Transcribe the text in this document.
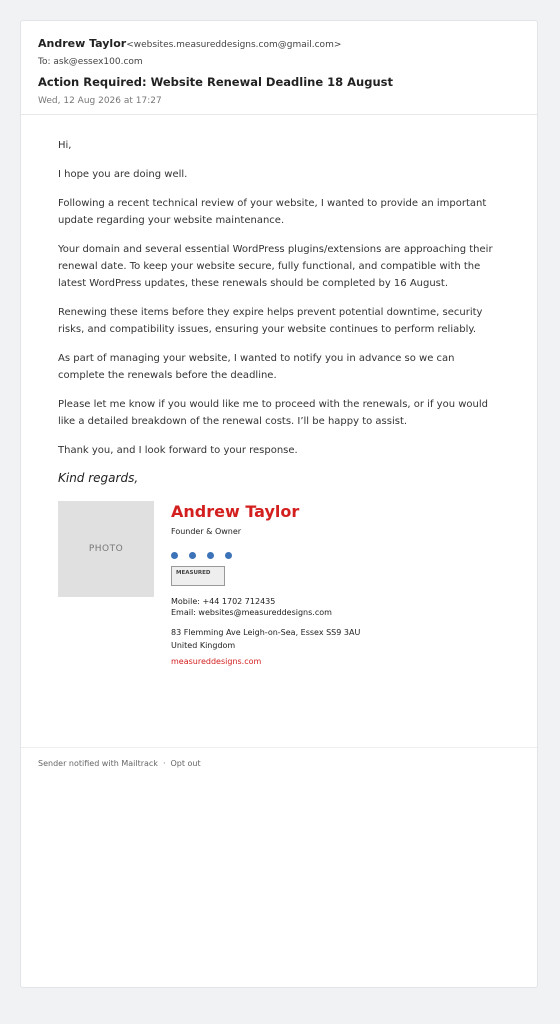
Andrew Taylor <websites.measureddesigns.com@gmail.com>
To: ask@essex100.com
Action Required: Website Renewal Deadline 18 August
Wed, 12 Aug 2026 at 17:27

Hi,

I hope you are doing well.

Following a recent technical review of your website, I wanted to provide an important update regarding your website maintenance.

Your domain and several essential WordPress plugins/extensions are approaching their renewal date. To keep your website secure, fully functional, and compatible with the latest WordPress updates, these renewals should be completed by 16 August.

Renewing these items before they expire helps prevent potential downtime, security risks, and compatibility issues, ensuring your website continues to perform reliably.

As part of managing your website, I wanted to notify you in advance so we can complete the renewals before the deadline.

Please let me know if you would like me to proceed with the renewals, or if you would like a detailed breakdown of the renewal costs. I’ll be happy to assist.

Thank you, and I look forward to your response.

Kind regards,
PHOTO
Andrew Taylor
Founder & Owner
MEASURED
Mobile: +44 1702 712435
Email: websites@measureddesigns.com
83 Flemming Ave Leigh-on-Sea, Essex SS9 3AU
United Kingdom
measureddesigns.com
Sender notified with Mailtrack · Opt out
